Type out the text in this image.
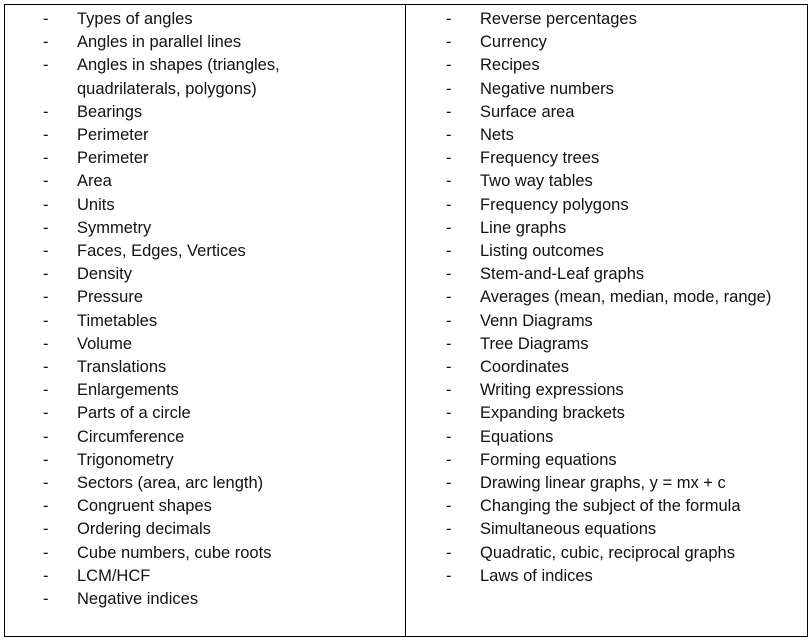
-	Types of angles
-	Angles in parallel lines
-	Angles in shapes (triangles,
quadrilaterals, polygons)
-	Bearings
-	Perimeter
-	Perimeter
-	Area
-	Units
-	Symmetry
-	Faces, Edges, Vertices
-	Density
-	Pressure
-	Timetables
-	Volume
-	Translations
-	Enlargements
-	Parts of a circle
-	Circumference
-	Trigonometry
-	Sectors (area, arc length)
-	Congruent shapes
-	Ordering decimals
-	Cube numbers, cube roots
-	LCM/HCF
-	Negative indices
-	Reverse percentages
-	Currency
-	Recipes
-	Negative numbers
-	Surface area
-	Nets
-	Frequency trees
-	Two way tables
-	Frequency polygons
-	Line graphs
-	Listing outcomes
-	Stem-and-Leaf graphs
-	Averages (mean, median, mode, range)
-	Venn Diagrams
-	Tree Diagrams
-	Coordinates
-	Writing expressions
-	Expanding brackets
-	Equations
-	Forming equations
-	Drawing linear graphs, y = mx + c
-	Changing the subject of the formula
-	Simultaneous equations
-	Quadratic, cubic, reciprocal graphs
-	Laws of indices
